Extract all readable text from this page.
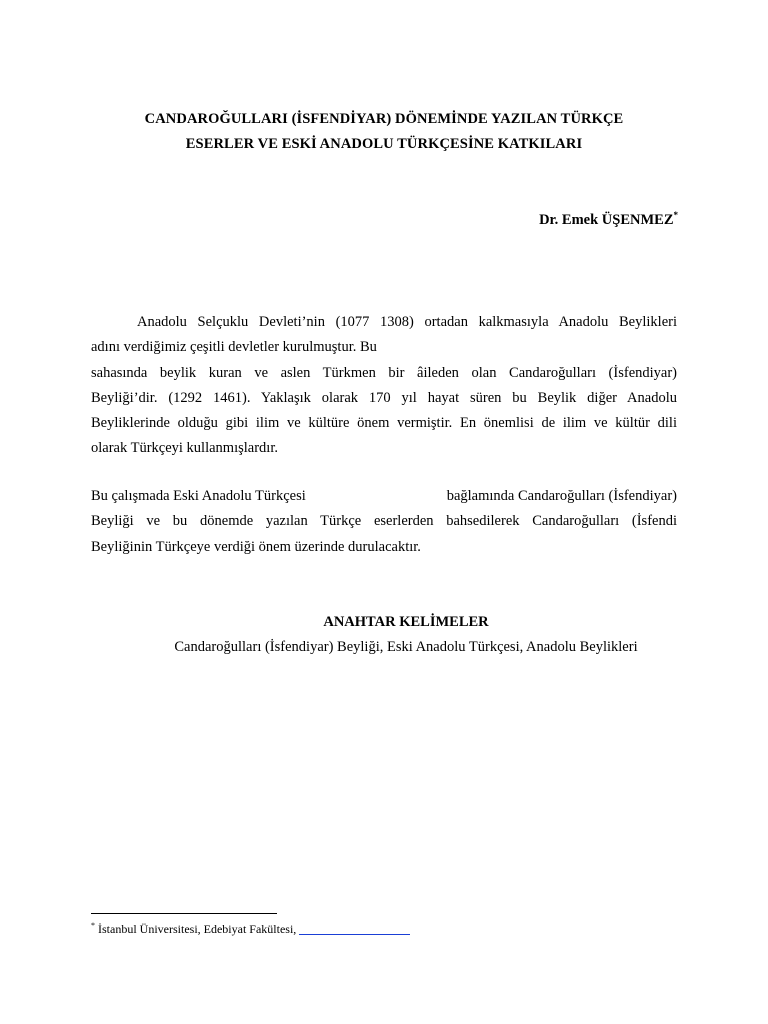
CANDAROĞULLARI (İSFENDİYAR) DÖNEMİNDE YAZILAN TÜRKÇE
ESERLER VE ESKİ ANADOLU TÜRKÇESİNE KATKILARI
Dr. Emek ÜŞENMEZ*
Anadolu Selçuklu Devleti’nin (1077 1308) ortadan kalkmasıyla Anadolu Beylikleri
adını verdiğimiz çeşitli devletler kurulmuştur. Bu
sahasında beylik kuran ve aslen Türkmen bir âileden olan Candaroğulları (İsfendiyar)
Beyliği’dir. (1292 1461). Yaklaşık olarak 170 yıl hayat süren bu Beylik diğer Anadolu
Beyliklerinde olduğu gibi ilim ve kültüre önem vermiştir. En önemlisi de ilim ve kültür dili
olarak Türkçeyi kullanmışlardır.
Bu çalışmada Eski Anadolu Türkçesi	bağlamında Candaroğulları (İsfendiyar)
Beyliği ve bu dönemde yazılan Türkçe eserlerden bahsedilerek Candaroğulları (İsfendi
Beyliğinin Türkçeye verdiği önem üzerinde durulacaktır.
ANAHTAR KELİMELER
Candaroğulları (İsfendiyar) Beyliği, Eski Anadolu Türkçesi, Anadolu Beylikleri
* İstanbul Üniversitesi, Edebiyat Fakültesi,
